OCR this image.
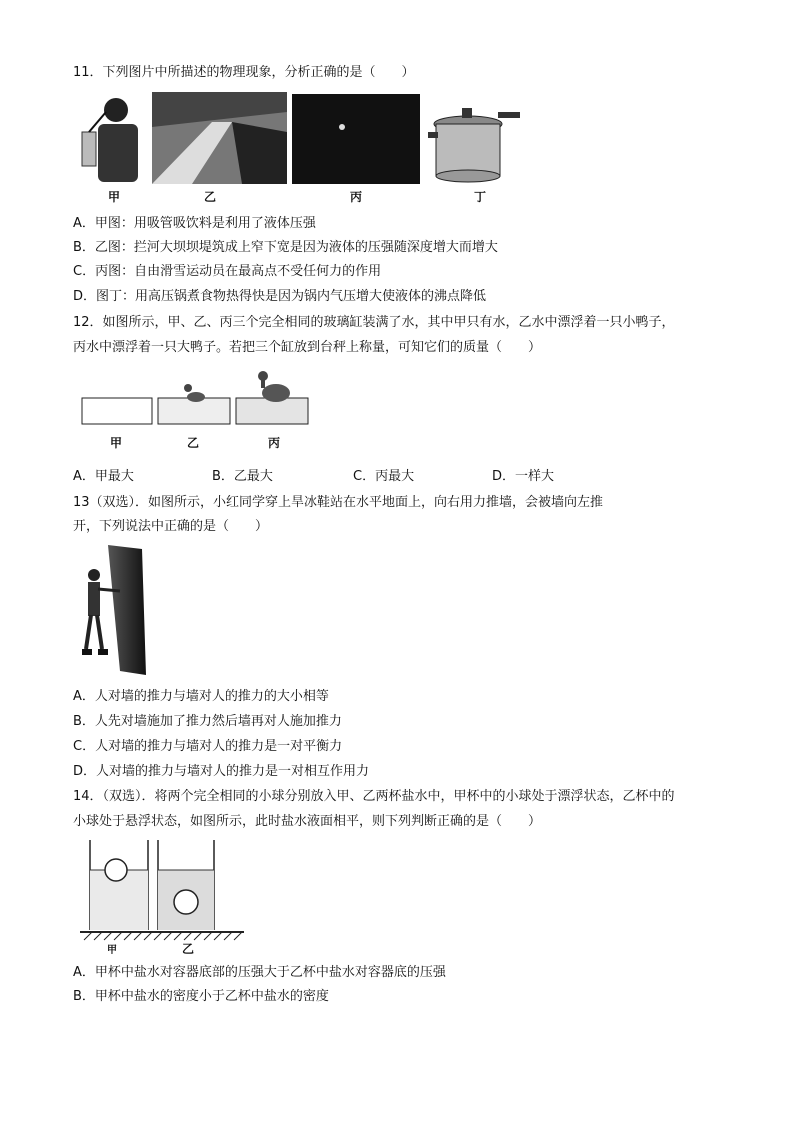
11．下列图片中所描述的物理现象，分析正确的是（　　）
甲	乙	丙	丁
A．甲图：用吸管吸饮料是利用了液体压强
B．乙图：拦河大坝坝堤筑成上窄下宽是因为液体的压强随深度增大而增大
C．丙图：自由滑雪运动员在最高点不受任何力的作用
D．图丁：用高压锅煮食物热得快是因为锅内气压增大使液体的沸点降低
12．如图所示，甲、乙、丙三个完全相同的玻璃缸装满了水，其中甲只有水，乙水中漂浮着一只小鸭子，
丙水中漂浮着一只大鸭子。若把三个缸放到台秤上称量，可知它们的质量（　　）
甲	乙	丙
A．甲最大	B．乙最大	C．丙最大	D．一样大
13（双选）．如图所示，小红同学穿上旱冰鞋站在水平地面上，向右用力推墙，会被墙向左推
开，下列说法中正确的是（　　）
A．人对墙的推力与墙对人的推力的大小相等
B．人先对墙施加了推力然后墙再对人施加推力
C．人对墙的推力与墙对人的推力是一对平衡力
D．人对墙的推力与墙对人的推力是一对相互作用力
14．（双选）．将两个完全相同的小球分别放入甲、乙两杯盐水中，甲杯中的小球处于漂浮状态，乙杯中的
小球处于悬浮状态，如图所示，此时盐水液面相平，则下列判断正确的是（　　）
甲	乙
A．甲杯中盐水对容器底部的压强大于乙杯中盐水对容器底的压强
B．甲杯中盐水的密度小于乙杯中盐水的密度
